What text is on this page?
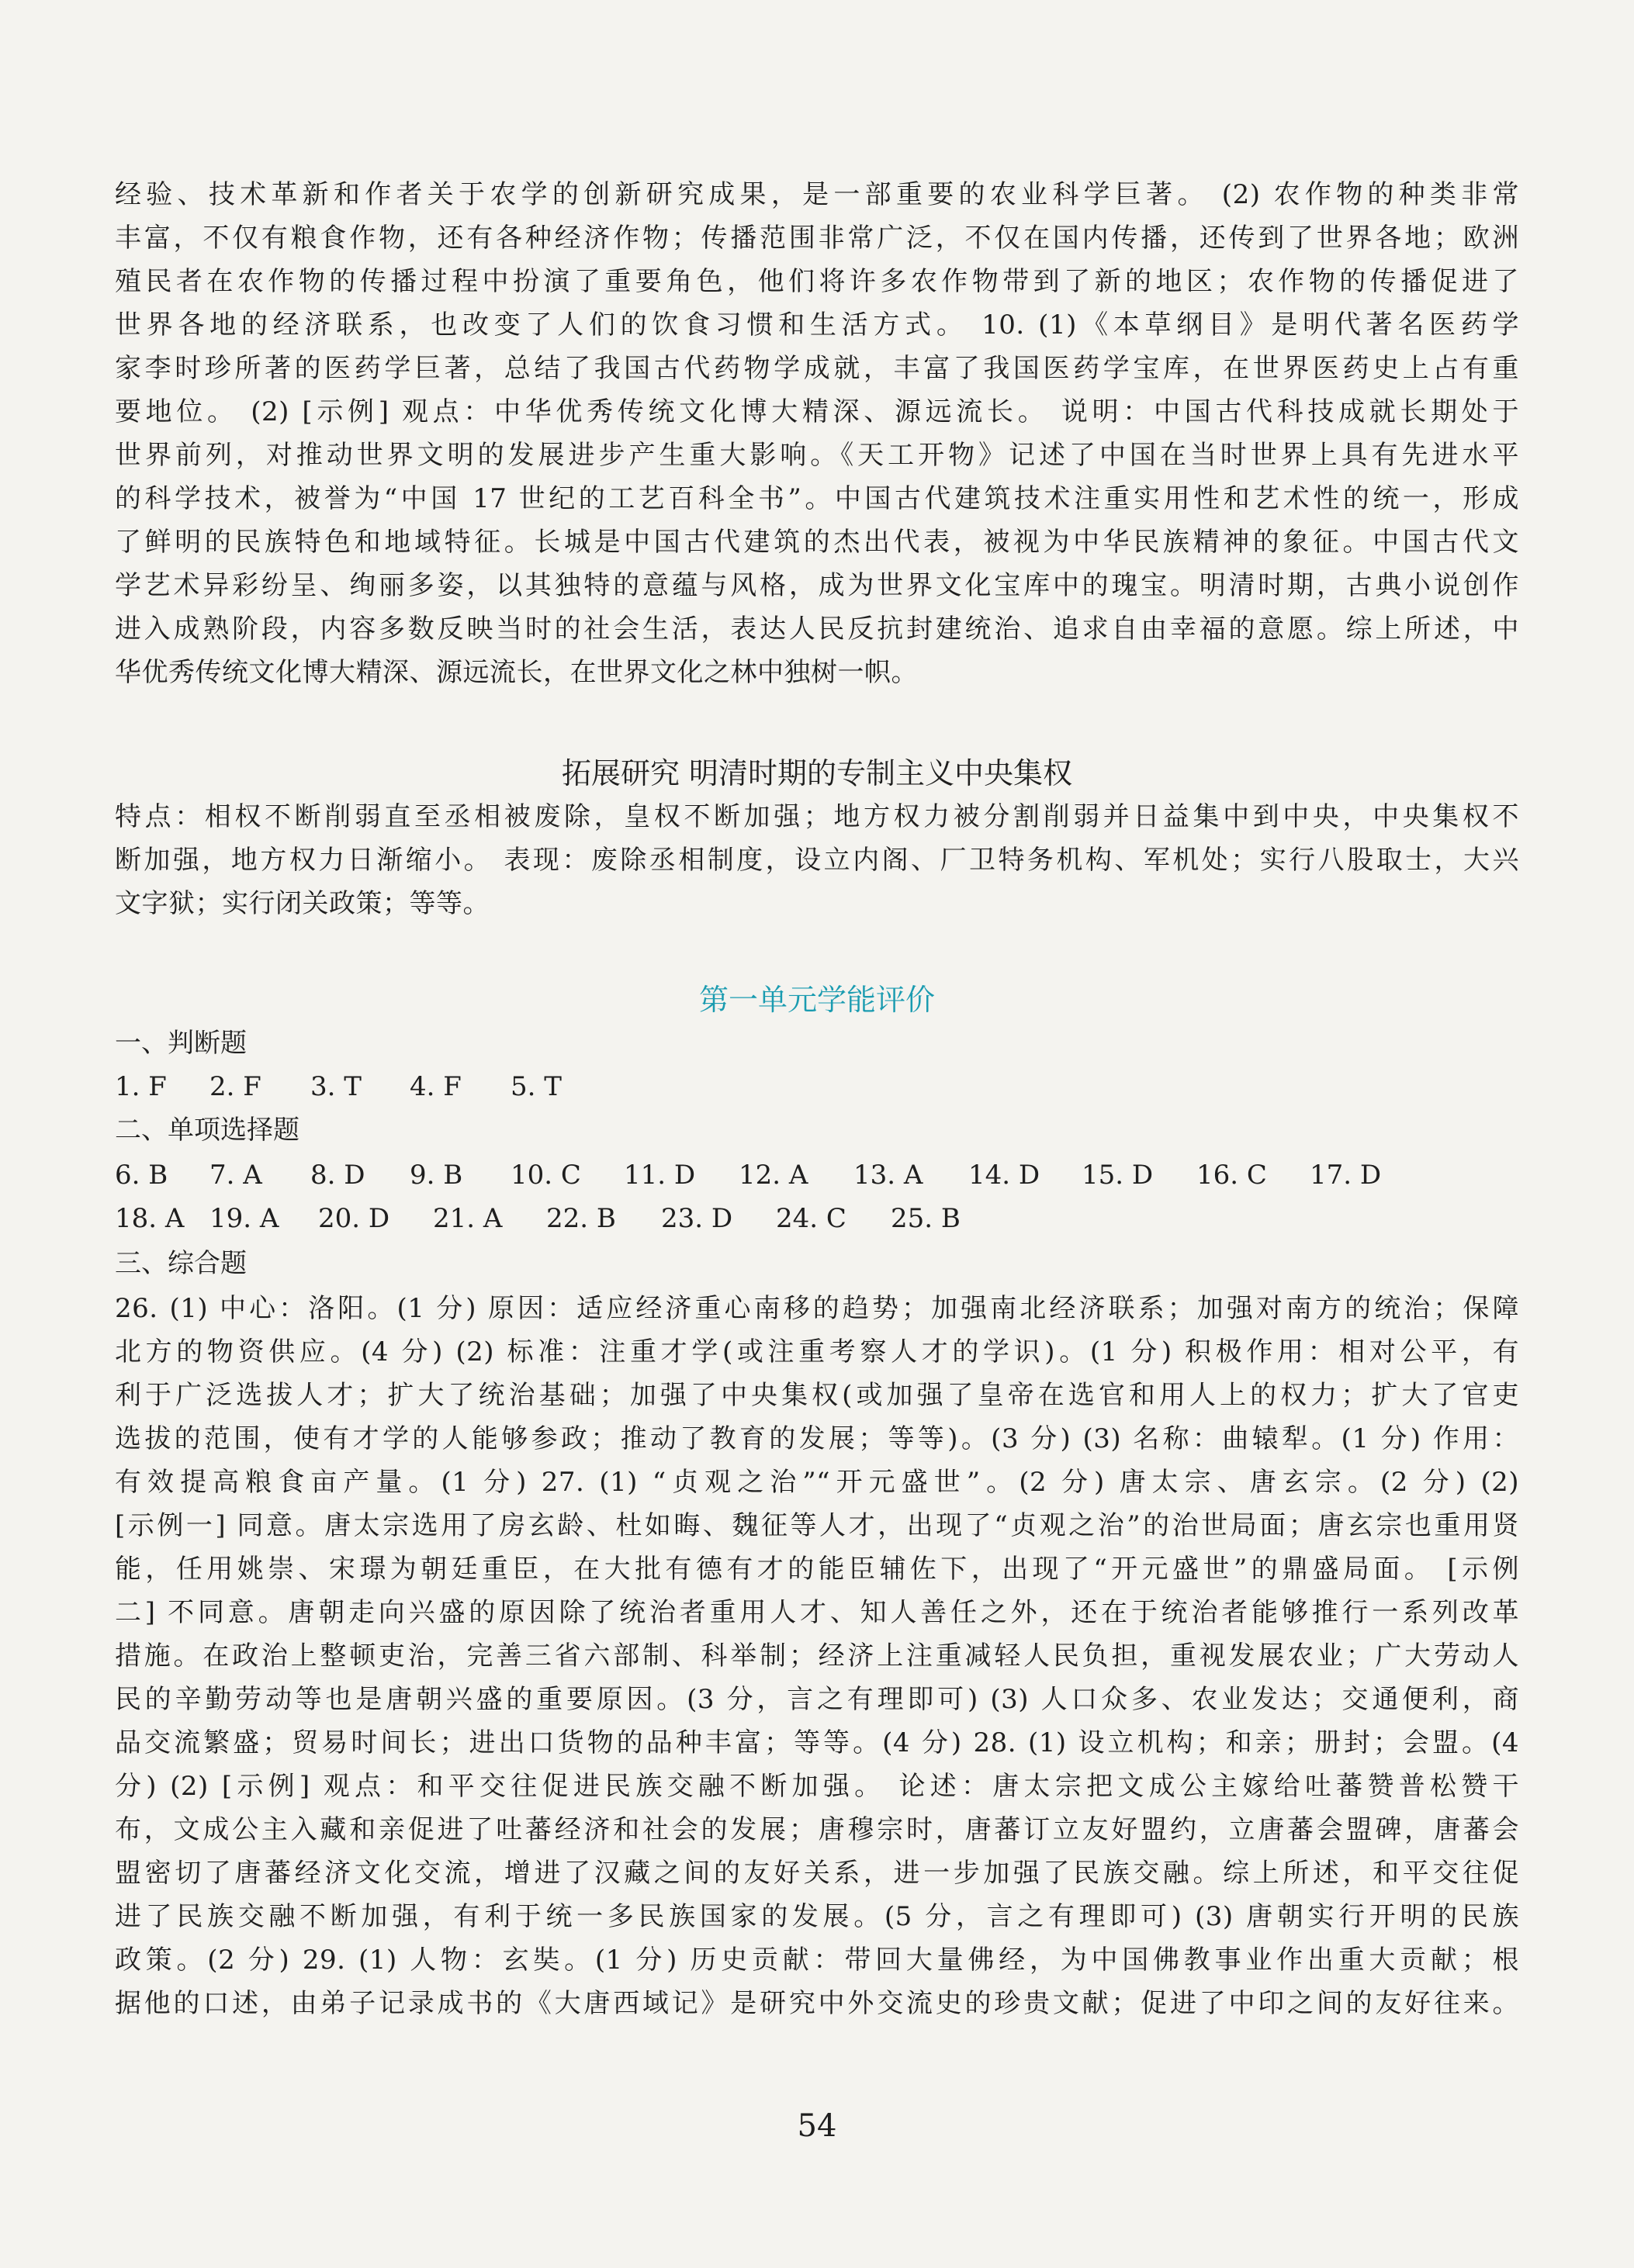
经验、技术革新和作者关于农学的创新研究成果，是一部重要的农业科学巨著。 (2) 农作物的种类非常
丰富，不仅有粮食作物，还有各种经济作物；传播范围非常广泛，不仅在国内传播，还传到了世界各地；欧洲
殖民者在农作物的传播过程中扮演了重要角色，他们将许多农作物带到了新的地区；农作物的传播促进了
世界各地的经济联系，也改变了人们的饮食习惯和生活方式。 10. (1)《本草纲目》是明代著名医药学
家李时珍所著的医药学巨著，总结了我国古代药物学成就，丰富了我国医药学宝库，在世界医药史上占有重
要地位。 (2) [示例] 观点：中华优秀传统文化博大精深、源远流长。 说明：中国古代科技成就长期处于
世界前列，对推动世界文明的发展进步产生重大影响。《天工开物》记述了中国在当时世界上具有先进水平
的科学技术，被誉为“中国 17 世纪的工艺百科全书”。中国古代建筑技术注重实用性和艺术性的统一，形成
了鲜明的民族特色和地域特征。长城是中国古代建筑的杰出代表，被视为中华民族精神的象征。中国古代文
学艺术异彩纷呈、绚丽多姿，以其独特的意蕴与风格，成为世界文化宝库中的瑰宝。明清时期，古典小说创作
进入成熟阶段，内容多数反映当时的社会生活，表达人民反抗封建统治、追求自由幸福的意愿。综上所述，中
华优秀传统文化博大精深、源远流长，在世界文化之林中独树一帜。
拓展研究 明清时期的专制主义中央集权
特点：相权不断削弱直至丞相被废除，皇权不断加强；地方权力被分割削弱并日益集中到中央，中央集权不
断加强，地方权力日渐缩小。 表现：废除丞相制度，设立内阁、厂卫特务机构、军机处；实行八股取士，大兴
文字狱；实行闭关政策；等等。
第一单元学能评价
一、判断题
1. F 2. F 3. T 4. F 5. T
二、单项选择题
6. B 7. A 8. D 9. B 10. C 11. D 12. A 13. A 14. D 15. D 16. C 17. D
18. A 19. A 20. D 21. A 22. B 23. D 24. C 25. B
三、综合题
26. (1) 中心：洛阳。(1 分) 原因：适应经济重心南移的趋势；加强南北经济联系；加强对南方的统治；保障
北方的物资供应。(4 分) (2) 标准：注重才学(或注重考察人才的学识)。(1 分) 积极作用：相对公平，有
利于广泛选拔人才；扩大了统治基础；加强了中央集权(或加强了皇帝在选官和用人上的权力；扩大了官吏
选拔的范围，使有才学的人能够参政；推动了教育的发展；等等)。(3 分) (3) 名称：曲辕犁。(1 分) 作用：
有效提高粮食亩产量。(1 分) 27. (1) “贞观之治”“开元盛世”。(2 分) 唐太宗、唐玄宗。(2 分) (2)
[示例一] 同意。唐太宗选用了房玄龄、杜如晦、魏征等人才，出现了“贞观之治”的治世局面；唐玄宗也重用贤
能，任用姚崇、宋璟为朝廷重臣，在大批有德有才的能臣辅佐下，出现了“开元盛世”的鼎盛局面。 [示例
二] 不同意。唐朝走向兴盛的原因除了统治者重用人才、知人善任之外，还在于统治者能够推行一系列改革
措施。在政治上整顿吏治，完善三省六部制、科举制；经济上注重减轻人民负担，重视发展农业；广大劳动人
民的辛勤劳动等也是唐朝兴盛的重要原因。(3 分，言之有理即可) (3) 人口众多、农业发达；交通便利，商
品交流繁盛；贸易时间长；进出口货物的品种丰富；等等。(4 分) 28. (1) 设立机构；和亲；册封；会盟。(4
分) (2) [示例] 观点：和平交往促进民族交融不断加强。 论述：唐太宗把文成公主嫁给吐蕃赞普松赞干
布，文成公主入藏和亲促进了吐蕃经济和社会的发展；唐穆宗时，唐蕃订立友好盟约，立唐蕃会盟碑，唐蕃会
盟密切了唐蕃经济文化交流，增进了汉藏之间的友好关系，进一步加强了民族交融。综上所述，和平交往促
进了民族交融不断加强，有利于统一多民族国家的发展。(5 分，言之有理即可) (3) 唐朝实行开明的民族
政策。(2 分) 29. (1) 人物：玄奘。(1 分) 历史贡献：带回大量佛经，为中国佛教事业作出重大贡献；根
据他的口述，由弟子记录成书的《大唐西域记》是研究中外交流史的珍贵文献；促进了中印之间的友好往来。
54
